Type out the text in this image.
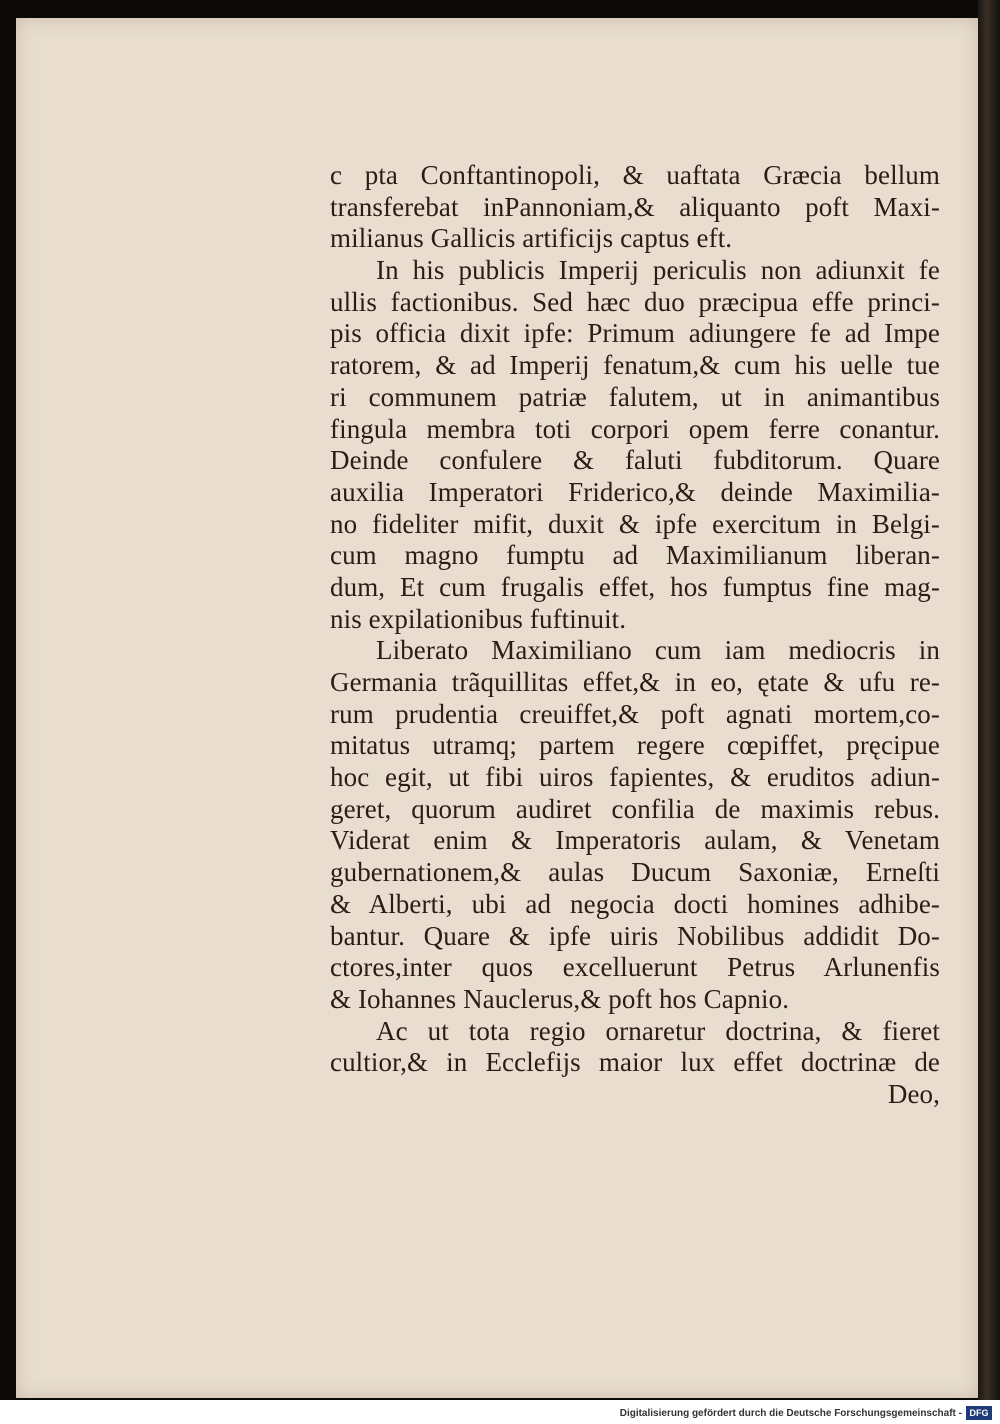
c pta Conftantinopoli, & uaftata Græcia bellum
transferebat inPannoniam,& aliquanto poft Maxi-
milianus Gallicis artificijs captus eft.
In his publicis Imperij periculis non adiunxit fe
ullis factionibus. Sed hæc duo præcipua effe princi-
pis officia dixit ipfe: Primum adiungere fe ad Impe
ratorem, & ad Imperij fenatum,& cum his uelle tue
ri communem patriæ falutem, ut in animantibus
fingula membra toti corpori opem ferre conantur.
Deinde confulere & faluti fubditorum. Quare
auxilia Imperatori Friderico,& deinde Maximilia-
no fideliter mifit, duxit & ipfe exercitum in Belgi-
cum magno fumptu ad Maximilianum liberan-
dum, Et cum frugalis effet, hos fumptus fine mag-
nis expilationibus fuftinuit.
Liberato Maximiliano cum iam mediocris in
Germania trãquillitas effet,& in eo, ętate & ufu re-
rum prudentia creuiffet,& poft agnati mortem,co-
mitatus utramq; partem regere cœpiffet, pręcipue
hoc egit, ut fibi uiros fapientes, & eruditos adiun-
geret, quorum audiret confilia de maximis rebus.
Viderat enim & Imperatoris aulam, & Venetam
gubernationem,& aulas Ducum Saxoniæ, Erneſti
& Alberti, ubi ad negocia docti homines adhibe-
bantur. Quare & ipfe uiris Nobilibus addidit Do-
ctores,inter quos excelluerunt Petrus Arlunenfis
& Iohannes Nauclerus,& poft hos Capnio.
Ac ut tota regio ornaretur doctrina, & fieret
cultior,& in Ecclefijs maior lux effet doctrinæ de
Deo,
Digitalisierung gefördert durch die Deutsche Forschungsgemeinschaft - DFG
